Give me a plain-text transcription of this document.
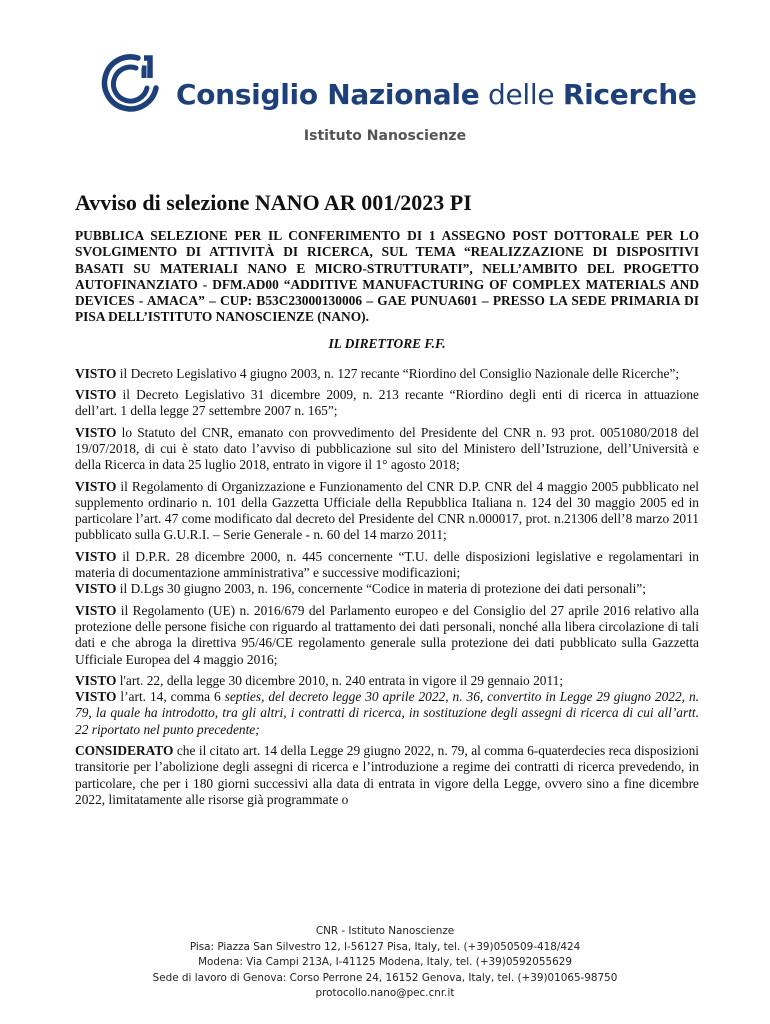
Consiglio Nazionale delle Ricerche
Istituto Nanoscienze
Avviso di selezione NANO AR 001/2023 PI

PUBBLICA SELEZIONE PER IL CONFERIMENTO DI 1 ASSEGNO POST DOTTORALE PER LO SVOLGIMENTO DI ATTIVITÀ DI RICERCA, SUL TEMA “REALIZZAZIONE DI DISPOSITIVI BASATI SU MATERIALI NANO E MICRO-STRUTTURATI”, NELL’AMBITO DEL PROGETTO AUTOFINANZIATO - DFM.AD00 “ADDITIVE MANUFACTURING OF COMPLEX MATERIALS AND DEVICES - AMACA” – CUP: B53C23000130006 – GAE PUNUA601 – PRESSO LA SEDE PRIMARIA DI PISA DELL’ISTITUTO NANOSCIENZE (NANO).

IL DIRETTORE F.F.

VISTO il Decreto Legislativo 4 giugno 2003, n. 127 recante “Riordino del Consiglio Nazionale delle Ricerche”;

VISTO il Decreto Legislativo 31 dicembre 2009, n. 213 recante “Riordino degli enti di ricerca in attuazione dell’art. 1 della legge 27 settembre 2007 n. 165”;

VISTO lo Statuto del CNR, emanato con provvedimento del Presidente del CNR n. 93 prot. 0051080/2018 del 19/07/2018, di cui è stato dato l’avviso di pubblicazione sul sito del Ministero dell’Istruzione, dell’Università e della Ricerca in data 25 luglio 2018, entrato in vigore il 1° agosto 2018;

VISTO il Regolamento di Organizzazione e Funzionamento del CNR D.P. CNR del 4 maggio 2005 pubblicato nel supplemento ordinario n. 101 della Gazzetta Ufficiale della Repubblica Italiana n. 124 del 30 maggio 2005 ed in particolare l’art. 47 come modificato dal decreto del Presidente del CNR n.000017, prot. n.21306 dell’8 marzo 2011 pubblicato sulla G.U.R.I. – Serie Generale - n. 60 del 14 marzo 2011;

VISTO il D.P.R. 28 dicembre 2000, n. 445 concernente “T.U. delle disposizioni legislative e regolamentari in materia di documentazione amministrativa” e successive modificazioni;

VISTO il D.Lgs 30 giugno 2003, n. 196, concernente “Codice in materia di protezione dei dati personali”;

VISTO il Regolamento (UE) n. 2016/679 del Parlamento europeo e del Consiglio del 27 aprile 2016 relativo alla protezione delle persone fisiche con riguardo al trattamento dei dati personali, nonché alla libera circolazione di tali dati e che abroga la direttiva 95/46/CE regolamento generale sulla protezione dei dati pubblicato sulla Gazzetta Ufficiale Europea del 4 maggio 2016;

VISTO l'art. 22, della legge 30 dicembre 2010, n. 240 entrata in vigore il 29 gennaio 2011;

VISTO l’art. 14, comma 6 septies, del decreto legge 30 aprile 2022, n. 36, convertito in Legge 29 giugno 2022, n. 79, la quale ha introdotto, tra gli altri, i contratti di ricerca, in sostituzione degli assegni di ricerca di cui all’artt. 22 riportato nel punto precedente;

CONSIDERATO che il citato art. 14 della Legge 29 giugno 2022, n. 79, al comma 6-quaterdecies reca disposizioni transitorie per l’abolizione degli assegni di ricerca e l’introduzione a regime dei contratti di ricerca prevedendo, in particolare, che per i 180 giorni successivi alla data di entrata in vigore della Legge, ovvero sino a fine dicembre 2022, limitatamente alle risorse già programmate o

CNR - Istituto Nanoscienze
Pisa: Piazza San Silvestro 12, I-56127 Pisa, Italy, tel. (+39)050509-418/424
Modena: Via Campi 213A, I-41125 Modena, Italy, tel. (+39)0592055629
Sede di lavoro di Genova: Corso Perrone 24, 16152 Genova, Italy, tel. (+39)01065-98750
protocollo.nano@pec.cnr.it
